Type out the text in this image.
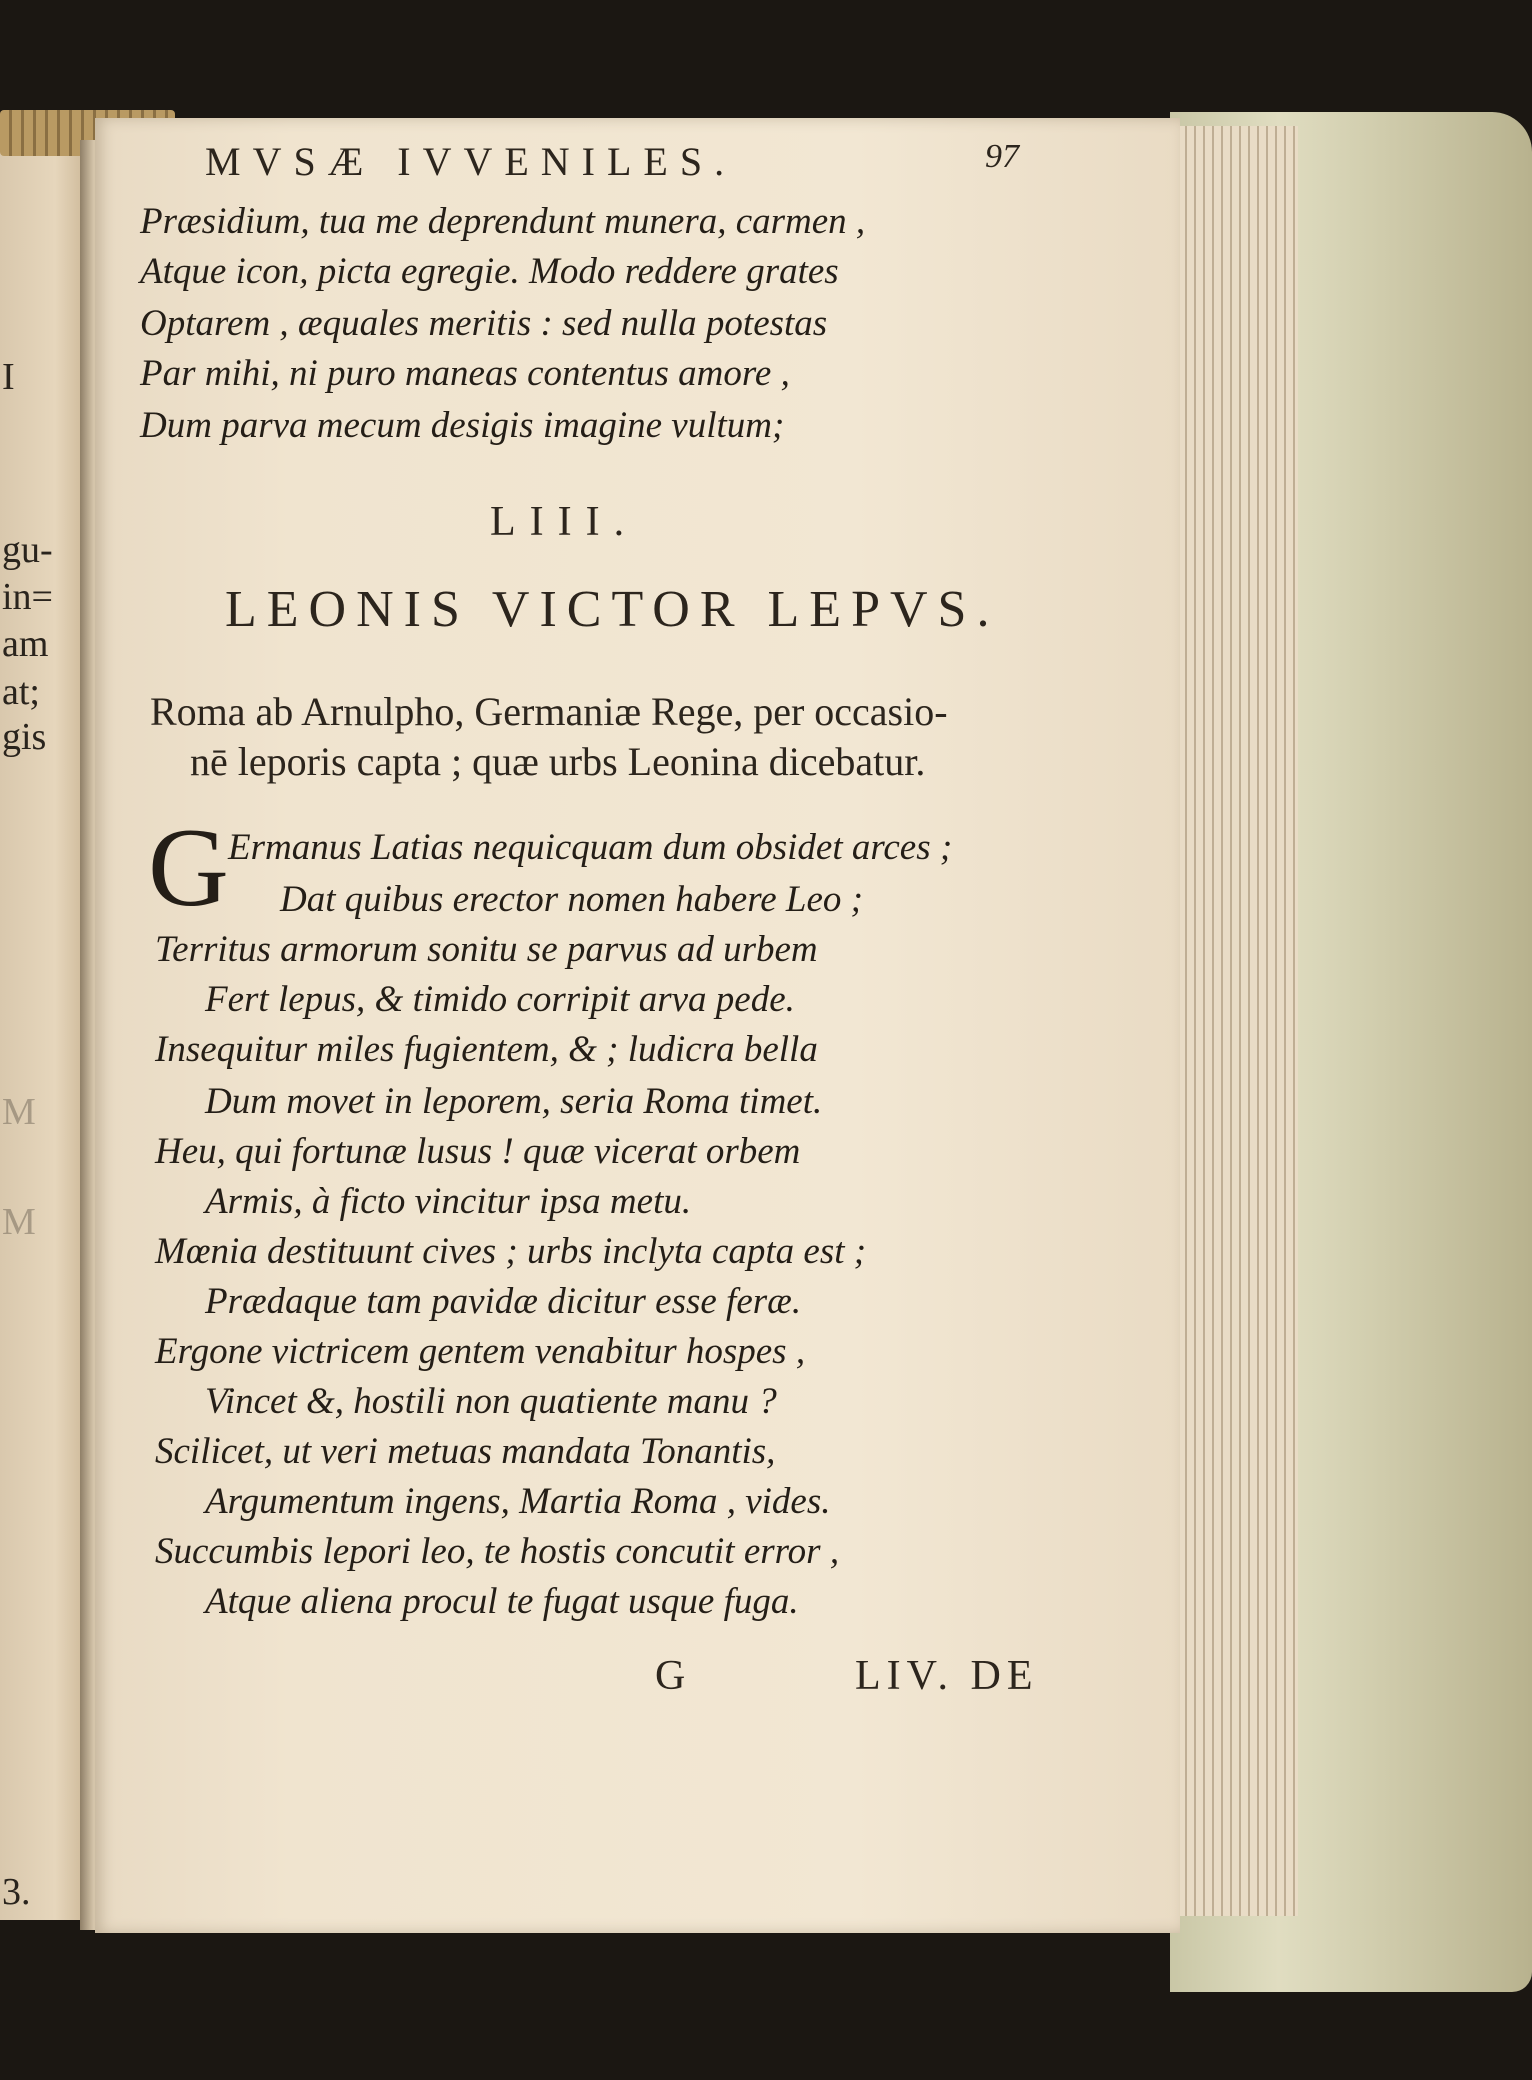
I
gu-
in=
am
at;
gis
M
M
3.
MVSÆ IVVENILES.	97
Præsidium, tua me deprendunt munera, carmen ,
Atque icon, picta egregie. Modo reddere grates
Optarem , æquales meritis : sed nulla potestas
Par mihi, ni puro maneas contentus amore ,
Dum parva mecum desigis imagine vultum;
LIII.
LEONIS VICTOR LEPVS.
Roma ab Arnulpho, Germaniæ Rege, per occasio-
nē leporis capta ; quæ urbs Leonina dicebatur.
G Ermanus Latias nequicquam dum obsidet arces ;
Dat quibus erector nomen habere Leo ;
Territus armorum sonitu se parvus ad urbem
Fert lepus, & timido corripit arva pede.
Insequitur miles fugientem, & ; ludicra bella
Dum movet in leporem, seria Roma timet.
Heu, qui fortunæ lusus ! quæ vicerat orbem
Armis, à ficto vincitur ipsa metu.
Mœnia destituunt cives ; urbs inclyta capta est ;
Prædaque tam pavidæ dicitur esse feræ.
Ergone victricem gentem venabitur hospes ,
Vincet &, hostili non quatiente manu ?
Scilicet, ut veri metuas mandata Tonantis,
Argumentum ingens, Martia Roma , vides.
Succumbis lepori leo, te hostis concutit error ,
Atque aliena procul te fugat usque fuga.
G	LIV. DE
